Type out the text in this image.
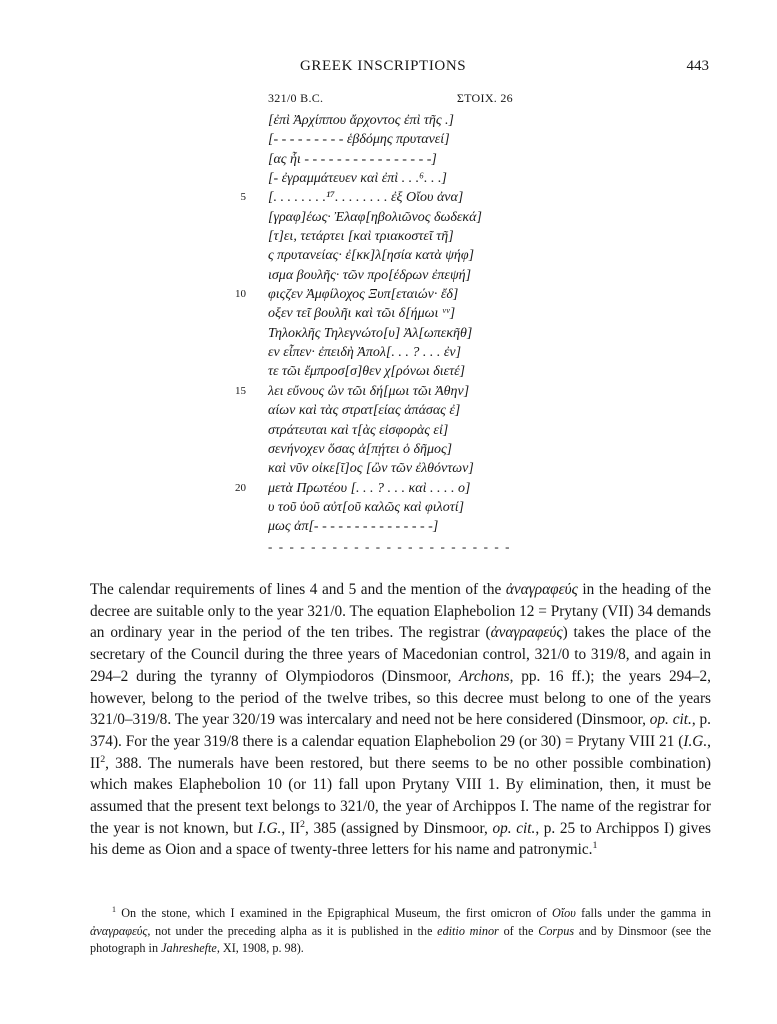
GREEK INSCRIPTIONS	443
321/0 B.C.	ΣΤΟΙΧ. 26
[ἐπὶ Ἀρχίππου ἄρχοντος ἐπὶ τῆς .]
[- - - - - - - - - ἑβδόμης πρυτανεί]
[ας ἧι - - - - - - - - - - - - - - - -]
[- ἐγραμμάτευεν καὶ ἐπὶ . . .⁶. . .]
5 [. . . . . . . .¹⁷. . . . . . . . ἐξ Οἴου ἀνα]
[γραφ]έως· Ἐλαφ[ηβολιῶνος δωδεκά]
[τ]ει, τετάρτει [καὶ τριακοστεῖ τῆ]
ς πρυτανείας· ἐ[κκ]λ[ησία κατὰ ψήφ]
ισμα βουλῆς· τῶν προ[έδρων ἐπεψή]
10 φιςζεν Ἀμφίλοχος Ξυπ[εταιών· ἔδ]
οξεν τεῖ βουλῆι καὶ τῶι δ[ήμωι ᵛᵛ]
Τηλοκλῆς Τηλεγνώτο[υ] Ἀλ[ωπεκῆθ]
εν εἶπεν· ἐπειδὴ Ἀπολ[. . . ? . . . ἐν]
τε τῶι ἔμπροσ[σ]θεν χ[ρόνωι διετέ]
15 λει εὔνους ὢν τῶι δή[μωι τῶι Ἀθην]
αίων καὶ τὰς στρατ[είας ἁπάσας ἐ]
στράτευται καὶ τ[ὰς εἰσφορὰς εἰ]
σενήνοχεν ὅσας ἀ[πῄτει ὁ δῆμος]
καὶ νῦν οἰκε[ῖ]ος [ὢν τῶν ἐλθόντων]
20 μετὰ Πρωτέου [. . . ? . . . καὶ . . . . ο]
υ τοῦ ὑοῦ αὐτ[οῦ καλῶς καὶ φιλοτί]
μως ἀπ[- - - - - - - - - - - - - - -]
- - - - - - - - - - - - - - - - - - - - - - -

The calendar requirements of lines 4 and 5 and the mention of the ἀναγραφεύς in the heading of the decree are suitable only to the year 321/0. The equation Elaphebolion 12 = Prytany (VII) 34 demands an ordinary year in the period of the ten tribes. The registrar (ἀναγραφεύς) takes the place of the secretary of the Council during the three years of Macedonian control, 321/0 to 319/8, and again in 294–2 during the tyranny of Olympiodoros (Dinsmoor, Archons, pp. 16 ff.); the years 294–2, however, belong to the period of the twelve tribes, so this decree must belong to one of the years 321/0–319/8. The year 320/19 was intercalary and need not be here considered (Dinsmoor, op. cit., p. 374). For the year 319/8 there is a calendar equation Elaphebolion 29 (or 30) = Prytany VIII 21 (I.G., $II^2$, 388. The numerals have been restored, but there seems to be no other possible combination) which makes Elaphebolion 10 (or 11) fall upon Prytany VIII 1. By elimination, then, it must be assumed that the present text belongs to 321/0, the year of Archippos I. The name of the registrar for the year is not known, but I.G., $II^2$, 385 (assigned by Dinsmoor, op. cit., p. 25 to Archippos I) gives his deme as Oion and a space of twenty-three letters for his name and patronymic.$^1$

$^1$ On the stone, which I examined in the Epigraphical Museum, the first omicron of Οἴου falls under the gamma in ἀναγραφεύς, not under the preceding alpha as it is published in the editio minor of the Corpus and by Dinsmoor (see the photograph in Jahreshefte, XI, 1908, p. 98).
